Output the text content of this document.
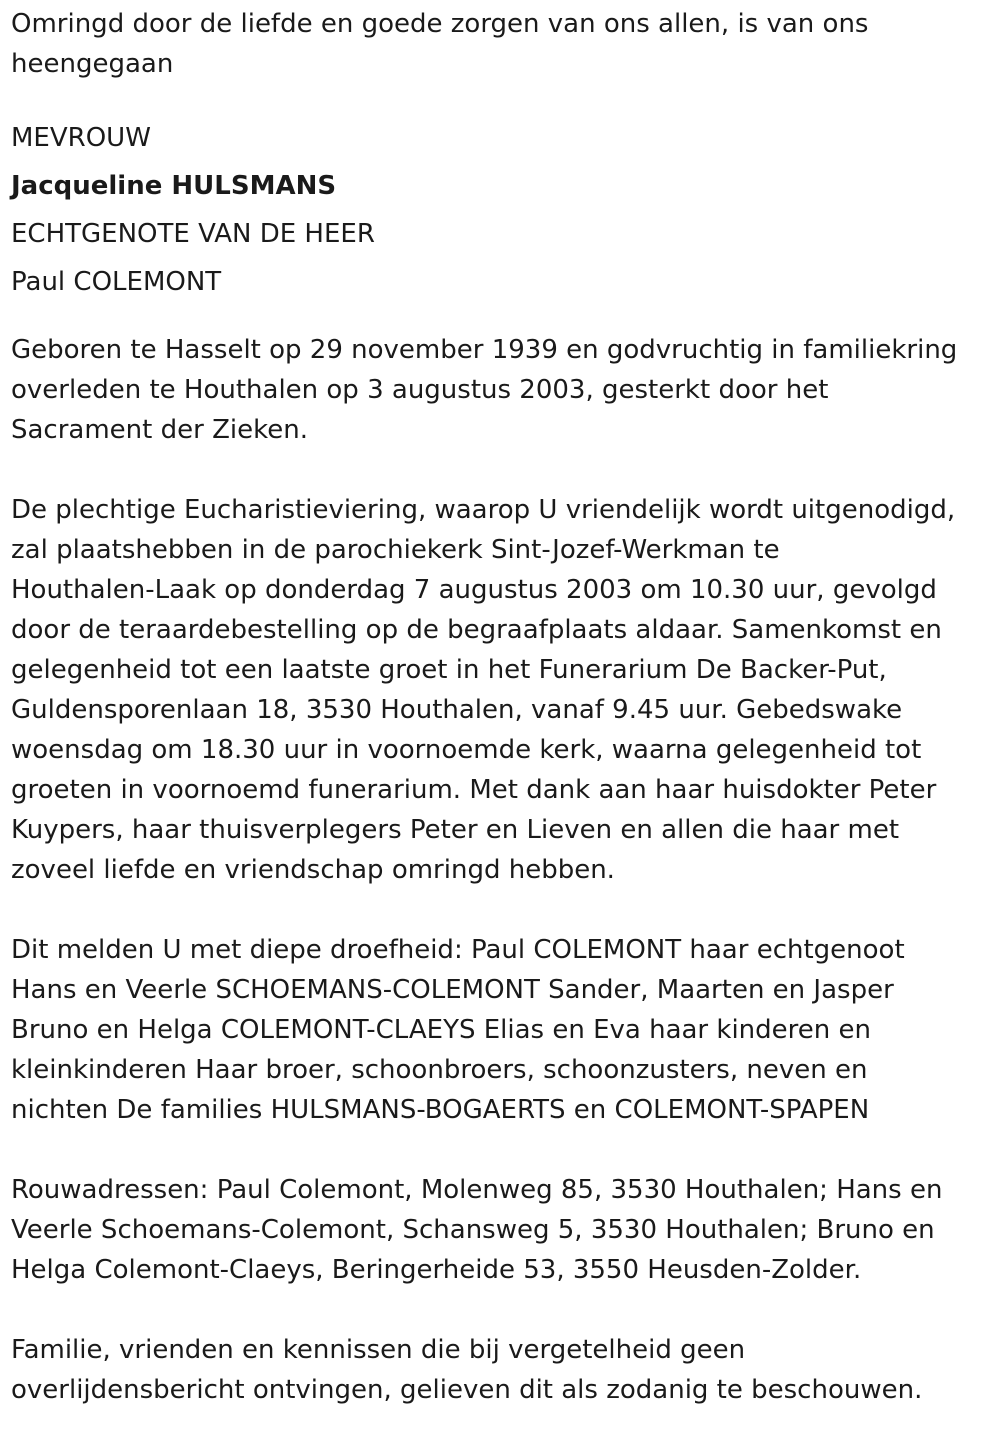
Omringd door de liefde en goede zorgen van ons allen, is van ons
heengegaan

MEVROUW

Jacqueline HULSMANS

ECHTGENOTE VAN DE HEER

Paul COLEMONT

Geboren te Hasselt op 29 november 1939 en godvruchtig in familiekring
overleden te Houthalen op 3 augustus 2003, gesterkt door het
Sacrament der Zieken.

De plechtige Eucharistieviering, waarop U vriendelijk wordt uitgenodigd,
zal plaatshebben in de parochiekerk Sint-Jozef-Werkman te
Houthalen-Laak op donderdag 7 augustus 2003 om 10.30 uur, gevolgd
door de teraardebestelling op de begraafplaats aldaar. Samenkomst en
gelegenheid tot een laatste groet in het Funerarium De Backer-Put,
Guldensporenlaan 18, 3530 Houthalen, vanaf 9.45 uur. Gebedswake
woensdag om 18.30 uur in voornoemde kerk, waarna gelegenheid tot
groeten in voornoemd funerarium. Met dank aan haar huisdokter Peter
Kuypers, haar thuisverplegers Peter en Lieven en allen die haar met
zoveel liefde en vriendschap omringd hebben.

Dit melden U met diepe droefheid: Paul COLEMONT haar echtgenoot
Hans en Veerle SCHOEMANS-COLEMONT Sander, Maarten en Jasper
Bruno en Helga COLEMONT-CLAEYS Elias en Eva haar kinderen en
kleinkinderen Haar broer, schoonbroers, schoonzusters, neven en
nichten De families HULSMANS-BOGAERTS en COLEMONT-SPAPEN

Rouwadressen: Paul Colemont, Molenweg 85, 3530 Houthalen; Hans en
Veerle Schoemans-Colemont, Schansweg 5, 3530 Houthalen; Bruno en
Helga Colemont-Claeys, Beringerheide 53, 3550 Heusden-Zolder.

Familie, vrienden en kennissen die bij vergetelheid geen
overlijdensbericht ontvingen, gelieven dit als zodanig te beschouwen.
